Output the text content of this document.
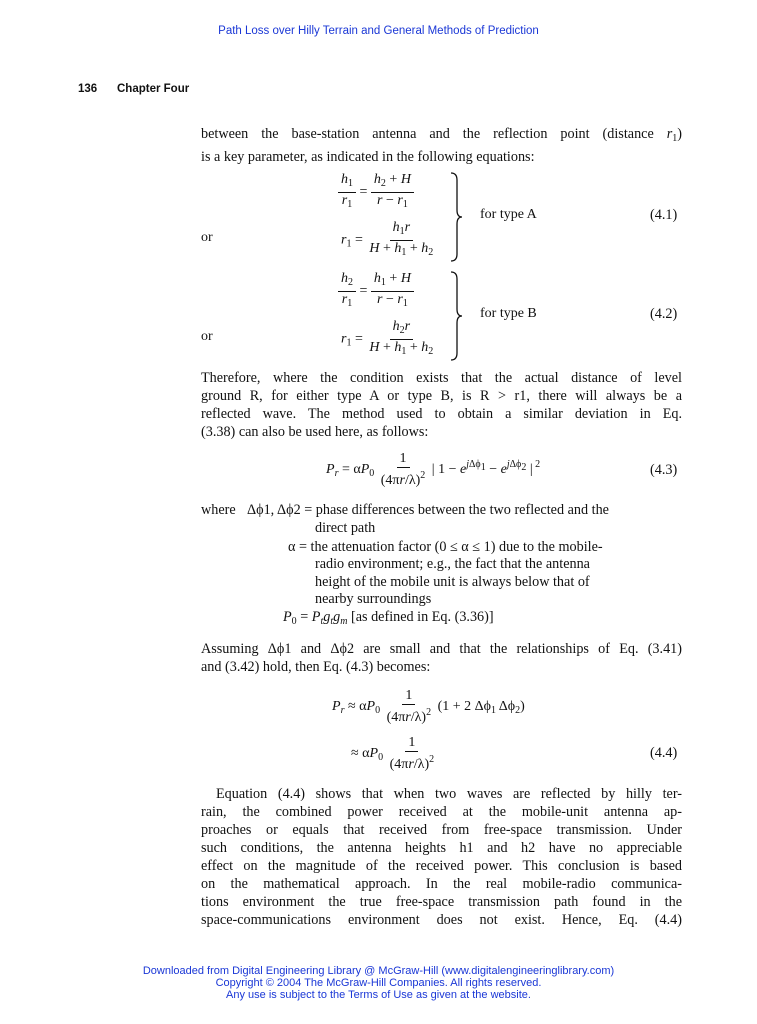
Path Loss over Hilly Terrain and General Methods of Prediction
136 Chapter Four
between the base-station antenna and the reflection point (distance $r_1$)
is a key parameter, as indicated in the following equations:
$\frac{h_1}{r_1} = \frac{h_2 + H}{r - r_1}$
or	$r_1 = \frac{h_1r}{H + h_1 + h_2}$
for type A	(4.1)
$\frac{h_2}{r_1} = \frac{h_1 + H}{r - r_1}$
or	$r_1 = \frac{h_2r}{H + h_1 + h_2}$
for type B	(4.2)
Therefore, where the condition exists that the actual distance of level
ground R, for either type A or type B, is R > r1, there will always be a
reflected wave. The method used to obtain a similar deviation in Eq.
(3.38) can also be used here, as follows:
$P_r = \alpha P_0 \frac{1}{(4\pi r/\lambda)^2}$ | $1 - e^{j\Delta\phi_1} - e^{j\Delta\phi_2}$ | $^2$	(4.3)
where Δϕ1, Δϕ2 = phase differences between the two reflected and the
direct path
α = the attenuation factor (0 ≤ α ≤ 1) due to the mobile-
radio environment; e.g., the fact that the antenna
height of the mobile unit is always below that of
nearby surroundings
$P_0 = P_tg_tg_m$ [as defined in Eq. (3.36)]
Assuming Δϕ1 and Δϕ2 are small and that the relationships of Eq. (3.41)
and (3.42) hold, then Eq. (4.3) becomes:
$P_r \approx \alpha P_0 \frac{1}{(4\pi r/\lambda)^2} (1 + 2$ $\Delta\phi_1$ $\Delta\phi_2$)
≈ $\alpha P_0 \frac{1}{(4\pi r/\lambda)^2}$	(4.4)
Equation (4.4) shows that when two waves are reflected by hilly ter-
rain, the combined power received at the mobile-unit antenna ap-
proaches or equals that received from free-space transmission. Under
such conditions, the antenna heights h1 and h2 have no appreciable
effect on the magnitude of the received power. This conclusion is based
on the mathematical approach. In the real mobile-radio communica-
tions environment the true free-space transmission path found in the
space-communications environment does not exist. Hence, Eq. (4.4)
Downloaded from Digital Engineering Library @ McGraw-Hill (www.digitalengineeringlibrary.com)
Copyright © 2004 The McGraw-Hill Companies. All rights reserved.
Any use is subject to the Terms of Use as given at the website.
